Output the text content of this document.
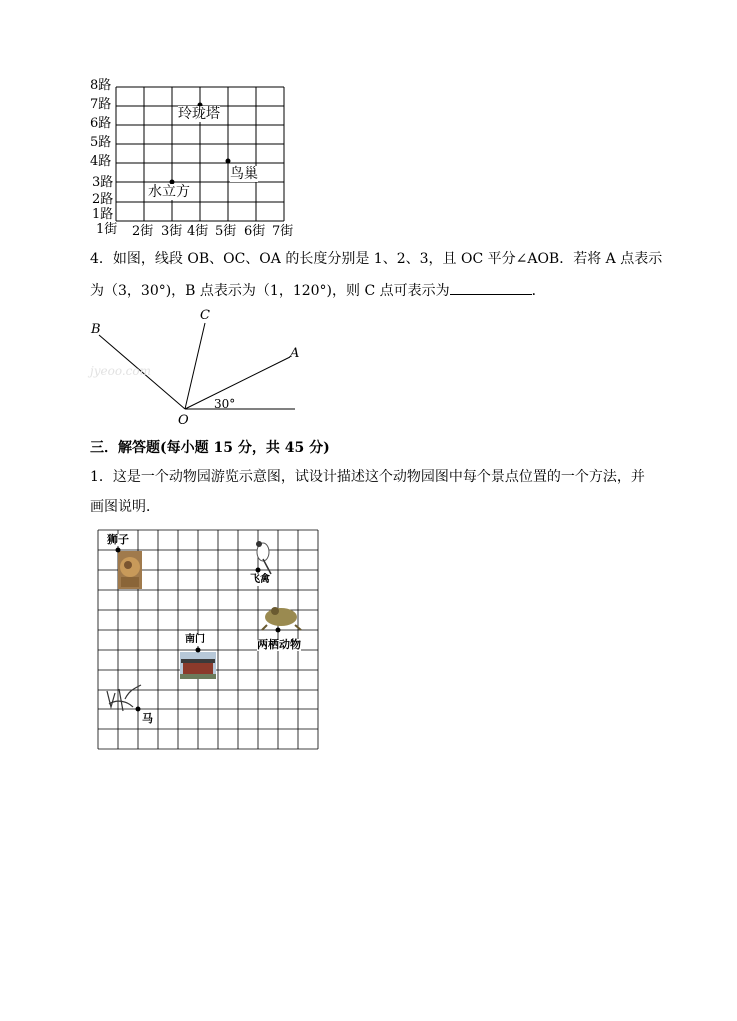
8路
7路
6路
5路
4路
3路
2路
1路
1街 2街 3街 4街 5街 6街 7街
玲珑塔
鸟巢
水立方
4．如图，线段 OB、OC、OA 的长度分别是 1、2、3，且 OC 平分∠AOB．若将 A 点表示
为（3，30°)，B 点表示为（1，120°)，则 C 点可表示为	．
jyeoo.com
B
C
A
O
30°
三．解答题(每小题 15 分，共 45 分)
1．这是一个动物园游览示意图，试设计描述这个动物园图中每个景点位置的一个方法，并
画图说明．
狮子
飞禽
两栖动物
南门
马
